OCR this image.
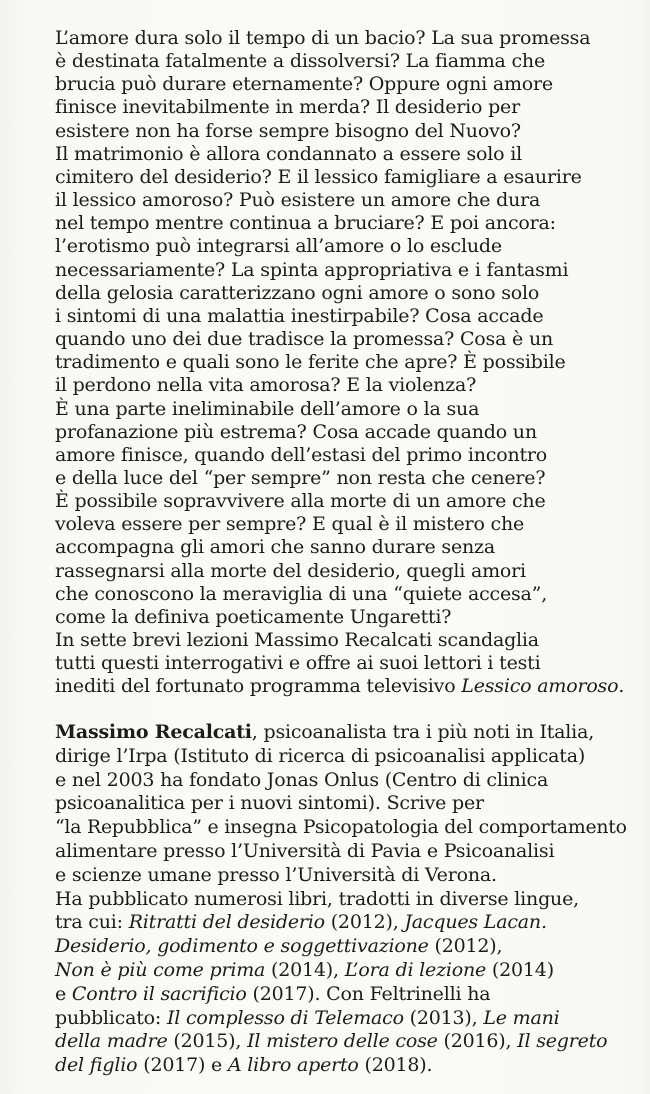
L’amore dura solo il tempo di un bacio? La sua promessa
è destinata fatalmente a dissolversi? La fiamma che
brucia può durare eternamente? Oppure ogni amore
finisce inevitabilmente in merda? Il desiderio per
esistere non ha forse sempre bisogno del Nuovo?
Il matrimonio è allora condannato a essere solo il
cimitero del desiderio? E il lessico famigliare a esaurire
il lessico amoroso? Può esistere un amore che dura
nel tempo mentre continua a bruciare? E poi ancora:
l’erotismo può integrarsi all’amore o lo esclude
necessariamente? La spinta appropriativa e i fantasmi
della gelosia caratterizzano ogni amore o sono solo
i sintomi di una malattia inestirpabile? Cosa accade
quando uno dei due tradisce la promessa? Cosa è un
tradimento e quali sono le ferite che apre? È possibile
il perdono nella vita amorosa? E la violenza?
È una parte ineliminabile dell’amore o la sua
profanazione più estrema? Cosa accade quando un
amore finisce, quando dell’estasi del primo incontro
e della luce del “per sempre” non resta che cenere?
È possibile sopravvivere alla morte di un amore che
voleva essere per sempre? E qual è il mistero che
accompagna gli amori che sanno durare senza
rassegnarsi alla morte del desiderio, quegli amori
che conoscono la meraviglia di una “quiete accesa”,
come la definiva poeticamente Ungaretti?
In sette brevi lezioni Massimo Recalcati scandaglia
tutti questi interrogativi e offre ai suoi lettori i testi
inediti del fortunato programma televisivo Lessico amoroso.
Massimo Recalcati, psicoanalista tra i più noti in Italia,
dirige l’Irpa (Istituto di ricerca di psicoanalisi applicata)
e nel 2003 ha fondato Jonas Onlus (Centro di clinica
psicoanalitica per i nuovi sintomi). Scrive per
“la Repubblica” e insegna Psicopatologia del comportamento
alimentare presso l’Università di Pavia e Psicoanalisi
e scienze umane presso l’Università di Verona.
Ha pubblicato numerosi libri, tradotti in diverse lingue,
tra cui: Ritratti del desiderio (2012), Jacques Lacan.
Desiderio, godimento e soggettivazione (2012),
Non è più come prima (2014), L’ora di lezione (2014)
e Contro il sacrificio (2017). Con Feltrinelli ha
pubblicato: Il complesso di Telemaco (2013), Le mani
della madre (2015), Il mistero delle cose (2016), Il segreto
del figlio (2017) e A libro aperto (2018).
